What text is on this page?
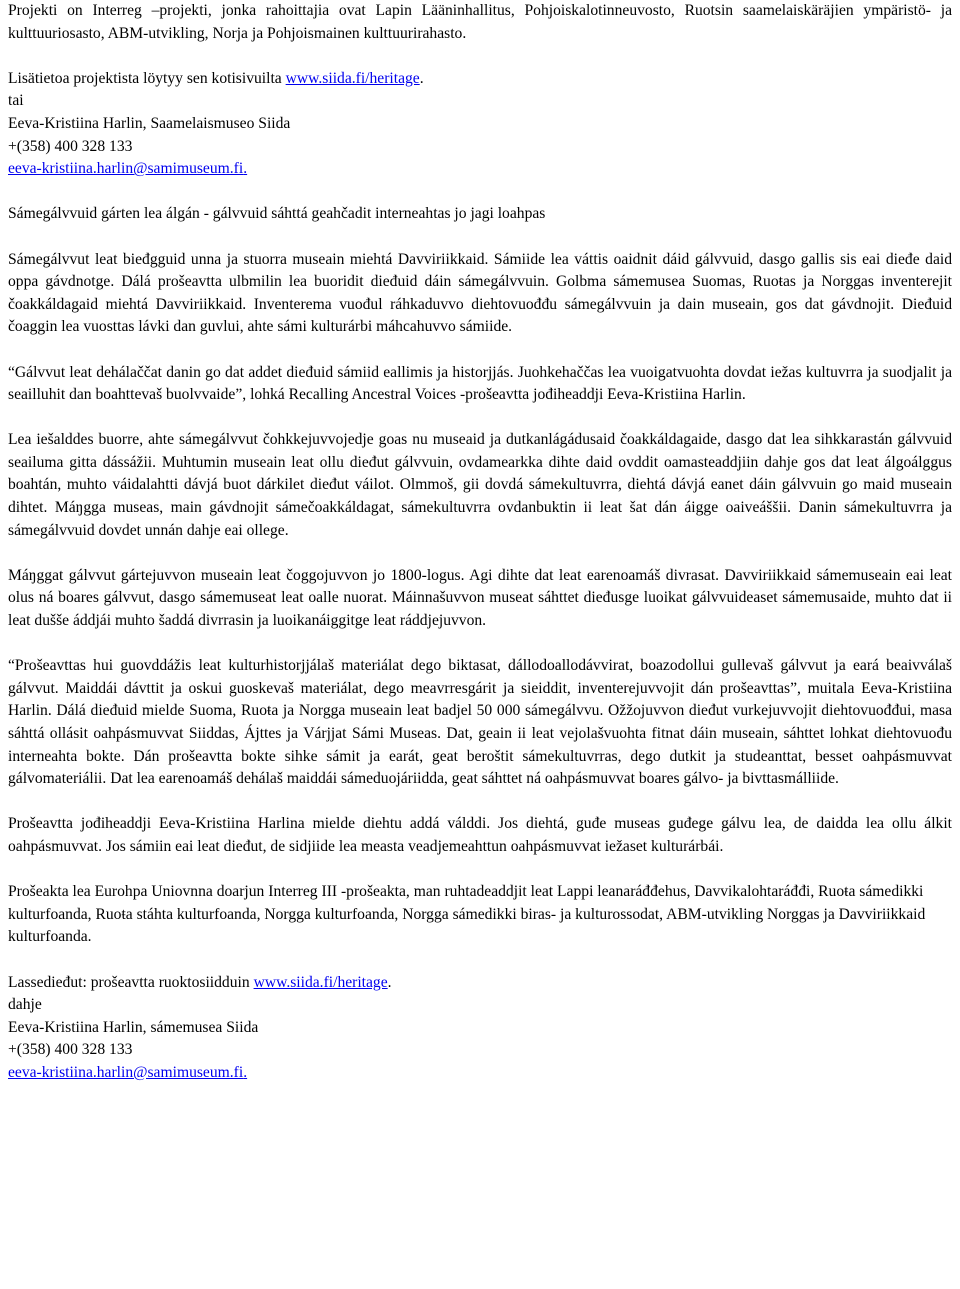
Projekti on Interreg –projekti, jonka rahoittajia ovat Lapin Lääninhallitus, Pohjoiskalotinneuvosto, Ruotsin saamelaiskäräjien ympäristö- ja kulttuuriosasto, ABM-utvikling, Norja ja Pohjoismainen kulttuurirahasto.

Lisätietoa projektista löytyy sen kotisivuilta www.siida.fi/heritage.

tai

Eeva-Kristiina Harlin, Saamelaismuseo Siida

+(358) 400 328 133

eeva-kristiina.harlin@samimuseum.fi.

Sámegálvvuid gárten lea álgán - gálvvuid sáhttá geahčadit interneahtas jo jagi loahpas

Sámegálvvut leat bieđgguid unna ja stuorra museain miehtá Davviriikkaid. Sámiide lea váttis oaidnit dáid gálvvuid, dasgo gallis sis eai dieđe daid oppa gávdnotge. Dálá prošeavtta ulbmilin lea buoridit dieđuid dáin sámegálvvuin. Golbma sámemusea Suomas, Ruoŧas ja Norggas inventerejit čoakkáldagaid miehtá Davviriikkaid. Inventerema vuođul ráhkaduvvo diehtovuođđu sámegálvvuin ja dain museain, gos dat gávdnojit. Dieđuid čoaggin lea vuosttas lávki dan guvlui, ahte sámi kulturárbi máhcahuvvo sámiide.

“Gálvvut leat dehálaččat danin go dat addet dieđuid sámiid eallimis ja historjjás. Juohkehaččas lea vuoigatvuohta dovdat iežas kultuvrra ja suodjalit ja seailluhit dan boahttevaš buolvvaide”, lohká Recalling Ancestral Voices -prošeavtta jođiheaddji Eeva-Kristiina Harlin.

Lea iešalddes buorre, ahte sámegálvvut čohkkejuvvojedje goas nu museaid ja dutkanlágádusaid čoakkáldagaide, dasgo dat lea sihkkarastán gálvvuid seailuma gitta dássážii. Muhtumin museain leat ollu dieđut gálvvuin, ovdamearkka dihte daid ovddit oamasteaddjiin dahje gos dat leat álgoálggus boahtán, muhto váidalahtti dávjá buot dárkilet dieđut váilot. Olmmoš, gii dovdá sámekultuvrra, diehtá dávjá eanet dáin gálvvuin go maid museain dihtet. Máŋgga museas, main gávdnojit sámečoakkáldagat, sámekultuvrra ovdanbuktin ii leat šat dán áigge oaiveáššii. Danin sámekultuvrra ja sámegálvvuid dovdet unnán dahje eai ollege.

Máŋggat gálvvut gártejuvvon museain leat čoggojuvvon jo 1800-logus. Agi dihte dat leat earenoamáš divrasat. Davviriikkaid sámemuseain eai leat olus ná boares gálvvut, dasgo sámemuseat leat oalle nuorat. Máinnašuvvon museat sáhttet dieđusge luoikat gálvvuideaset sámemusaide, muhto dat ii leat dušše áddjái muhto šaddá divrrasin ja luoikanáiggitge leat ráddjejuvvon.

“Prošeavttas hui guovddážis leat kulturhistorjjálaš materiálat dego biktasat, dállodoallodávvirat, boazodollui gullevaš gálvvut ja eará beaivválaš gálvvut. Maiddái dávttit ja oskui guoskevaš materiálat, dego meavrresgárit ja sieiddit, inventerejuvvojit dán prošeavttas”, muitala Eeva-Kristiina Harlin. Dálá dieđuid mielde Suoma, Ruoŧa ja Norgga museain leat badjel 50 000 sámegálvvu. Ožžojuvvon dieđut vurkejuvvojit diehtovuođđui, masa sáhttá ollásit oahpásmuvvat Siiddas, Ájttes ja Várjjat Sámi Museas. Dat, geain ii leat vejolašvuohta fitnat dáin museain, sáhttet lohkat diehtovuođu interneahta bokte. Dán prošeavtta bokte sihke sámit ja earát, geat beroštit sámekultuvrras, dego dutkit ja studeanttat, besset oahpásmuvvat gálvomateriálii. Dat lea earenoamáš dehálaš maiddái sámeduojáriidda, geat sáhttet ná oahpásmuvvat boares gálvo- ja bivttasmálliide.

Prošeavtta jođiheaddji Eeva-Kristiina Harlina mielde diehtu addá válddi. Jos diehtá, guđe museas guđege gálvu lea, de daidda lea ollu álkit oahpásmuvvat. Jos sámiin eai leat dieđut, de sidjiide lea measta veadjemeahttun oahpásmuvvat iežaset kulturárbái.

Prošeakta lea Eurohpa Uniovnna doarjun Interreg III -prošeakta, man ruhtadeaddjit leat Lappi leanaráđđehus, Davvikalohtaráđđi, Ruoŧa sámedikki kulturfoanda, Ruoŧa stáhta kulturfoanda, Norgga kulturfoanda, Norgga sámedikki biras- ja kulturossodat, ABM-utvikling Norggas ja Davviriikkaid kulturfoanda.

Lassedieđut: prošeavtta ruoktosiidduin www.siida.fi/heritage.

dahje

Eeva-Kristiina Harlin, sámemusea Siida

+(358) 400 328 133

eeva-kristiina.harlin@samimuseum.fi.
